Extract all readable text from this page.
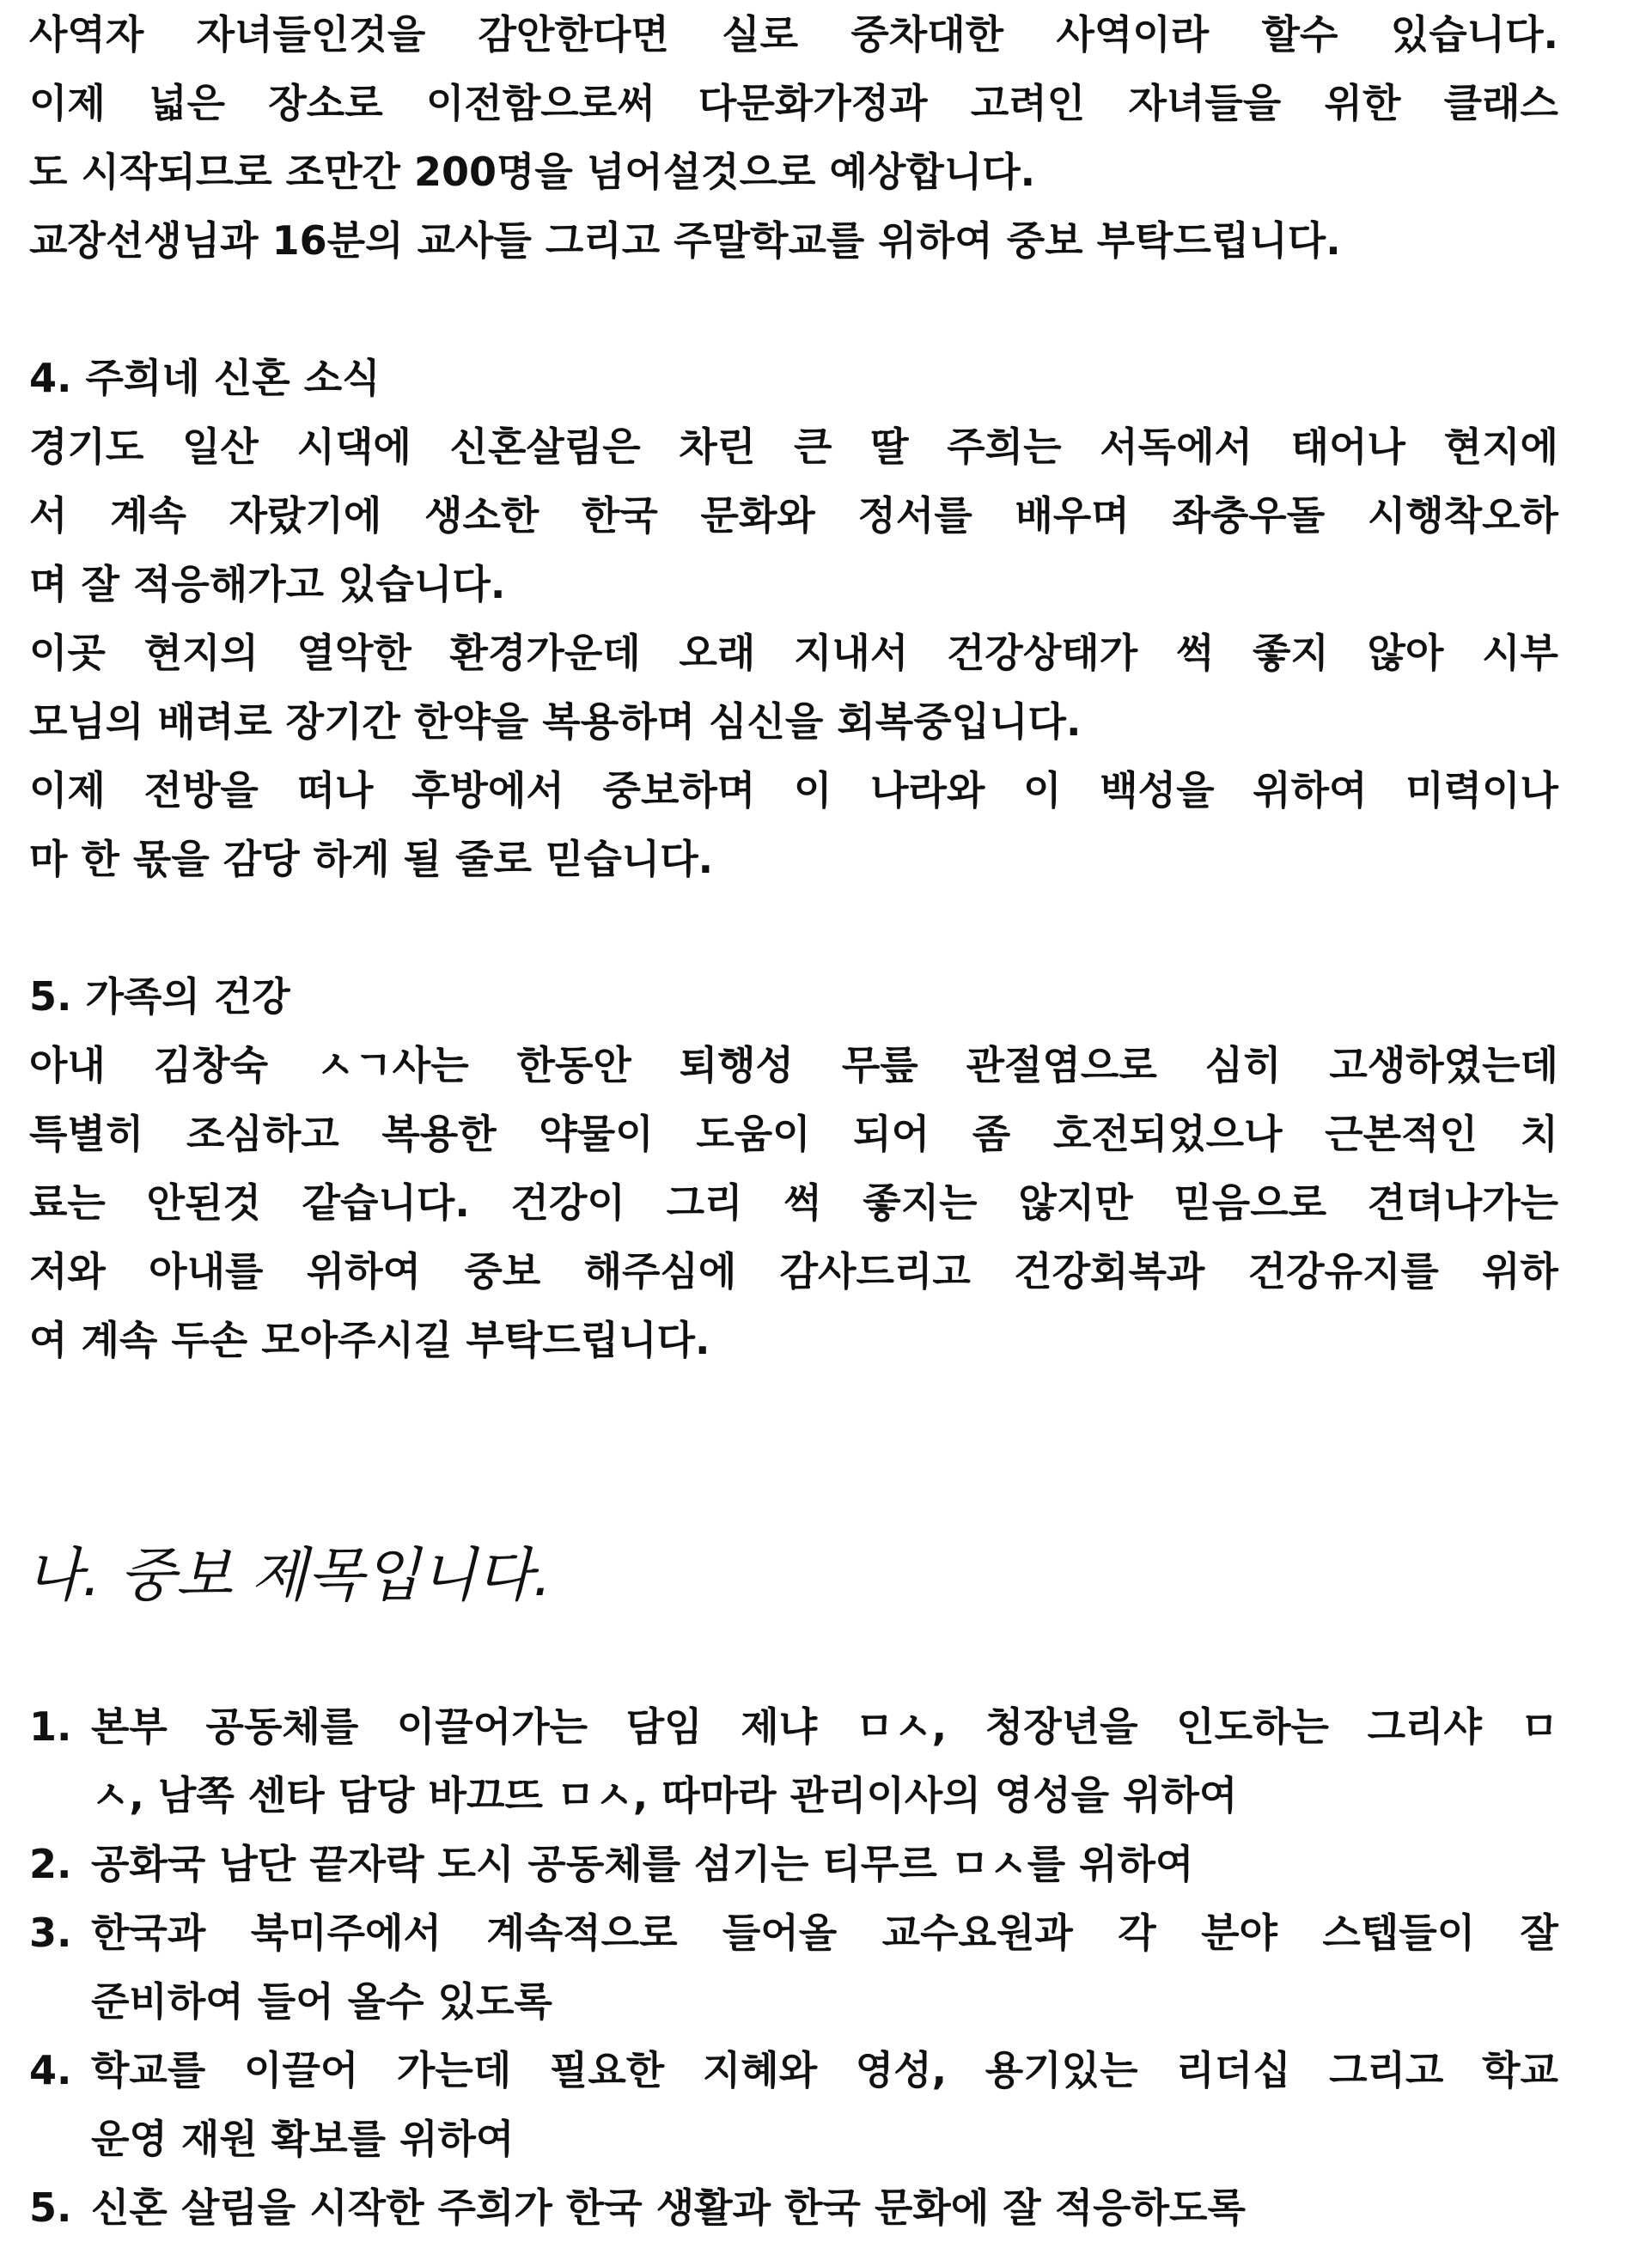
사역자 자녀들인것을 감안한다면 실로 중차대한 사역이라 할수 있습니다.
이제 넓은 장소로 이전함으로써 다문화가정과 고려인 자녀들을 위한 클래스
도 시작되므로 조만간 200명을 넘어설것으로 예상합니다.
교장선생님과 16분의 교사들 그리고 주말학교를 위하여 중보 부탁드립니다.
4. 주희네 신혼 소식
경기도 일산 시댁에 신혼살림은 차린 큰 딸 주희는 서독에서 태어나 현지에
서 계속 자랐기에 생소한 한국 문화와 정서를 배우며 좌충우돌 시행착오하
며 잘 적응해가고 있습니다.
이곳 현지의 열악한 환경가운데 오래 지내서 건강상태가 썩 좋지 않아 시부
모님의 배려로 장기간 한약을 복용하며 심신을 회복중입니다.
이제 전방을 떠나 후방에서 중보하며 이 나라와 이 백성을 위하여 미력이나
마 한 몫을 감당 하게 될 줄로 믿습니다.
5. 가족의 건강
아내 김창숙 ㅅㄱ사는 한동안 퇴행성 무릎 관절염으로 심히 고생하였는데
특별히 조심하고 복용한 약물이 도움이 되어 좀 호전되었으나 근본적인 치
료는 안된것 같습니다. 건강이 그리 썩 좋지는 않지만 믿음으로 견뎌나가는
저와 아내를 위하여 중보 해주심에 감사드리고 건강회복과 건강유지를 위하
여 계속 두손 모아주시길 부탁드립니다.
나. 중보 제목입니다.
1. 본부 공동체를 이끌어가는 담임 제냐 ㅁㅅ, 청장년을 인도하는 그리샤 ㅁ
ㅅ, 남쪽 센타 담당 바끄뜨 ㅁㅅ, 따마라 관리이사의 영성을 위하여
2. 공화국 남단 끝자락 도시 공동체를 섬기는 티무르 ㅁㅅ를 위하여
3. 한국과 북미주에서 계속적으로 들어올 교수요원과 각 분야 스텝들이 잘
준비하여 들어 올수 있도록
4. 학교를 이끌어 가는데 필요한 지혜와 영성, 용기있는 리더십 그리고 학교
운영 재원 확보를 위하여
5. 신혼 살림을 시작한 주희가 한국 생활과 한국 문화에 잘 적응하도록
